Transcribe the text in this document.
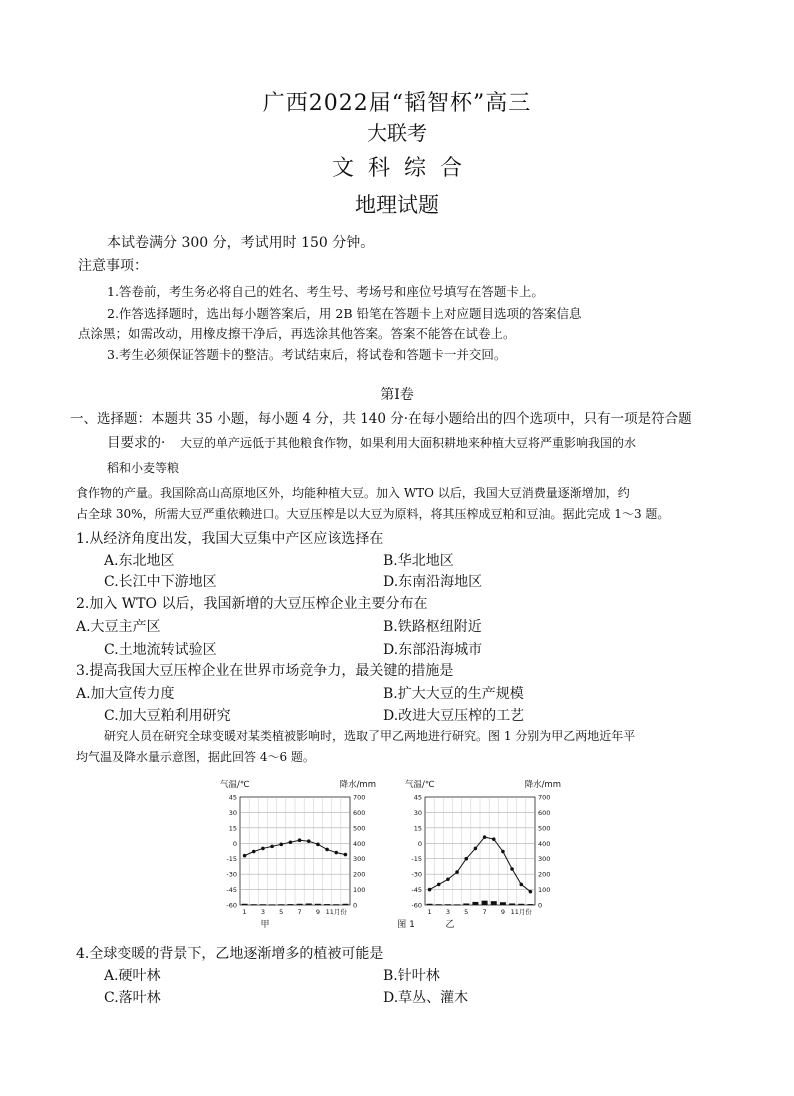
广西2022届“韬智杯”高三
大联考
文科综合
地理试题
本试卷满分 300 分，考试用时 150 分钟。
注意事项：
1.答卷前，考生务必将自己的姓名、考生号、考场号和座位号填写在答题卡上。
2.作答选择题时，选出每小题答案后，用 2B 铅笔在答题卡上对应题目选项的答案信息
点涂黑；如需改动，用橡皮擦干净后，再选涂其他答案。答案不能答在试卷上。
3.考生必须保证答题卡的整洁。考试结束后，将试卷和答题卡一并交回。
第Ⅰ卷
一、选择题：本题共 35 小题，每小题 4 分，共 140 分·在每小题给出的四个选项中，只有一项是符合题
目要求的· 大豆的单产远低于其他粮食作物，如果利用大面积耕地来种植大豆将严重影响我国的水
稻和小麦等粮
食作物的产量。我国除高山高原地区外，均能种植大豆。加入 WTO 以后，我国大豆消费量逐渐增加，约
占全球 30%，所需大豆严重依赖进口。大豆压榨是以大豆为原料，将其压榨成豆粕和豆油。据此完成 1～3 题。
1.从经济角度出发，我国大豆集中产区应该选择在
A.东北地区	B.华北地区
C.长江中下游地区	D.东南沿海地区
2.加入 WTO 以后，我国新增的大豆压榨企业主要分布在
A.大豆主产区	B.铁路枢纽附近
C.土地流转试验区	D.东部沿海城市
3.提高我国大豆压榨企业在世界市场竞争力，最关键的措施是
A.加大宣传力度	B.扩大大豆的生产规模
C.加大豆粕利用研究	D.改进大豆压榨的工艺
研究人员在研究全球变暖对某类植被影响时，选取了甲乙两地进行研究。图 1 分别为甲乙两地近年平
均气温及降水量示意图，据此回答 4～6 题。
气温/℃	降水/mm
45	700
30	600
15	500
0	400
-15	300
-30	200
-45	100
-60	0
1 3 5 7 9 11月份
甲
气温/℃	降水/mm
45	700
30	600
15	500
0	400
-15	300
-30	200
-45	100
-60	0
1 3 5 7 9 11月份
乙
图 1
4.全球变暖的背景下，乙地逐渐增多的植被可能是
A.硬叶林	B.针叶林
C.落叶林	D.草丛、灌木
